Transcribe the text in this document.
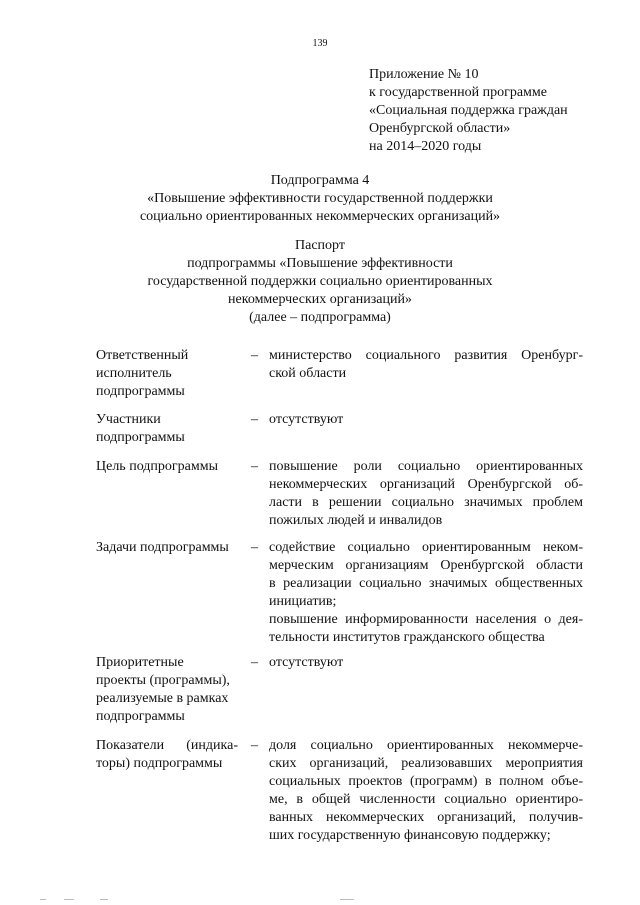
139
Приложение № 10
к государственной программе
«Социальная поддержка граждан
Оренбургской области»
на 2014–2020 годы
Подпрограмма 4
«Повышение эффективности государственной поддержки
социально ориентированных некоммерческих организаций»
Паспорт
подпрограммы «Повышение эффективности
государственной поддержки социально ориентированных
некоммерческих организаций»
(далее – подпрограмма)
Ответственный
исполнитель
подпрограммы
– министерство социального развития Оренбург-
ской области
Участники
подпрограммы
– отсутствуют
Цель подпрограммы	– повышение роли социально ориентированных
некоммерческих организаций Оренбургской об-
ласти в решении социально значимых проблем
пожилых людей и инвалидов
Задачи подпрограммы	– содействие социально ориентированным неком-
мерческим организациям Оренбургской области
в реализации социально значимых общественных
инициатив;
повышение информированности населения о дея-
тельности институтов гражданского общества
Приоритетные
проекты (программы),
реализуемые в рамках
подпрограммы
– отсутствуют
Показатели (индика-
торы) подпрограммы
– доля социально ориентированных некоммерче-
ских организаций, реализовавших мероприятия
социальных проектов (программ) в полном объе-
ме, в общей численности социально ориентиро-
ванных некоммерческих организаций, получив-
ших государственную финансовую поддержку;
